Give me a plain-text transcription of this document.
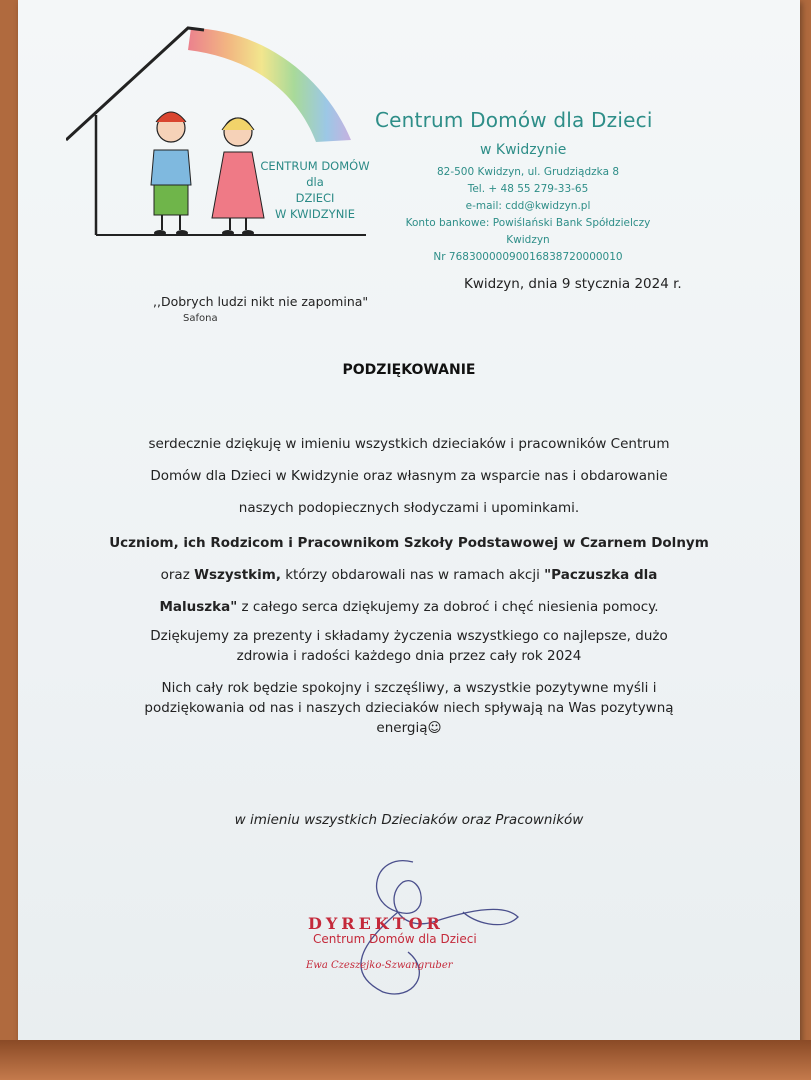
CENTRUM DOMÓW
dla
DZIECI
W KWIDZYNIE
Centrum Domów dla Dzieci
w Kwidzynie
82-500 Kwidzyn, ul. Grudziądzka 8
Tel. + 48 55 279-33-65
e-mail: cdd@kwidzyn.pl
Konto bankowe: Powiślański Bank Spółdzielczy Kwidzyn
Nr 76830000090016838720000010
Kwidzyn, dnia 9 stycznia 2024 r.
,,Dobrych ludzi nikt nie zapomina"
Safona
PODZIĘKOWANIE
serdecznie dziękuję w imieniu wszystkich dzieciaków i pracowników Centrum
Domów dla Dzieci w Kwidzynie oraz własnym za wsparcie nas i obdarowanie
naszych podopiecznych słodyczami i upominkami.
Uczniom, ich Rodzicom i Pracownikom Szkoły Podstawowej w Czarnem Dolnym
oraz Wszystkim, którzy obdarowali nas w ramach akcji "Paczuszka dla
Maluszka" z całego serca dziękujemy za dobroć i chęć niesienia pomocy.
Dziękujemy za prezenty i składamy życzenia wszystkiego co najlepsze, dużo
zdrowia i radości każdego dnia przez cały rok 2024
Nich cały rok będzie spokojny i szczęśliwy, a wszystkie pozytywne myśli i
podziękowania od nas i naszych dzieciaków niech spływają na Was pozytywną
energią☺
w imieniu wszystkich Dzieciaków oraz Pracowników
DYREKTOR
Centrum Domów dla Dzieci
Ewa Czeszejko-Szwangruber
